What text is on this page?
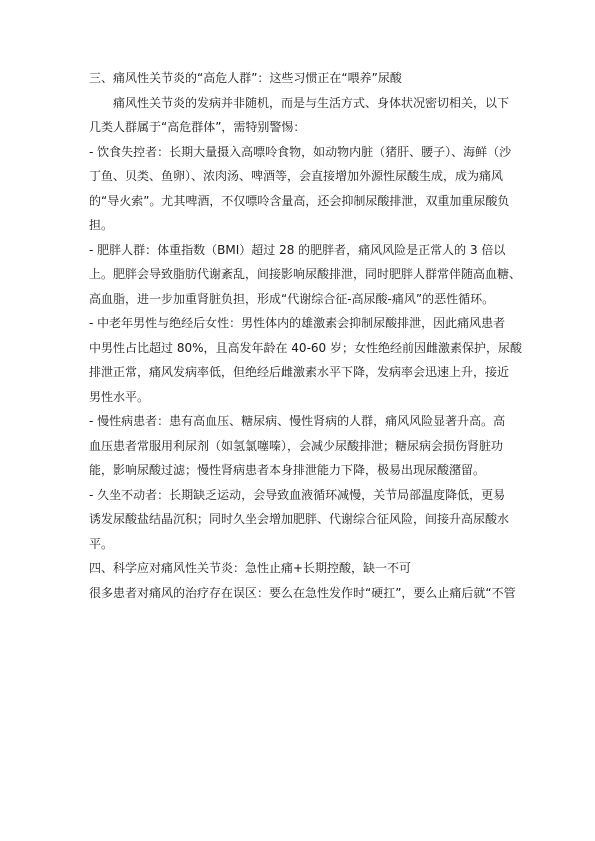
三、痛风性关节炎的“高危人群”：这些习惯正在“喂养”尿酸
痛风性关节炎的发病并非随机，而是与生活方式、身体状况密切相关，以下
几类人群属于“高危群体”，需特别警惕：
- 饮食失控者：长期大量摄入高嘌呤食物，如动物内脏（猪肝、腰子）、海鲜（沙
丁鱼、贝类、鱼卵）、浓肉汤、啤酒等，会直接增加外源性尿酸生成，成为痛风
的“导火索”。尤其啤酒，不仅嘌呤含量高，还会抑制尿酸排泄，双重加重尿酸负
担。
- 肥胖人群：体重指数（BMI）超过 28 的肥胖者，痛风风险是正常人的 3 倍以
上。肥胖会导致脂肪代谢紊乱，间接影响尿酸排泄，同时肥胖人群常伴随高血糖、
高血脂，进一步加重肾脏负担，形成“代谢综合征-高尿酸-痛风”的恶性循环。
- 中老年男性与绝经后女性：男性体内的雄激素会抑制尿酸排泄，因此痛风患者
中男性占比超过 80%，且高发年龄在 40-60 岁；女性绝经前因雌激素保护，尿酸
排泄正常，痛风发病率低，但绝经后雌激素水平下降，发病率会迅速上升，接近
男性水平。
- 慢性病患者：患有高血压、糖尿病、慢性肾病的人群，痛风风险显著升高。高
血压患者常服用利尿剂（如氢氯噻嗪），会减少尿酸排泄；糖尿病会损伤肾脏功
能，影响尿酸过滤；慢性肾病患者本身排泄能力下降，极易出现尿酸潴留。
- 久坐不动者：长期缺乏运动，会导致血液循环减慢，关节局部温度降低，更易
诱发尿酸盐结晶沉积；同时久坐会增加肥胖、代谢综合征风险，间接升高尿酸水
平。
四、科学应对痛风性关节炎：急性止痛+长期控酸，缺一不可
很多患者对痛风的治疗存在误区：要么在急性发作时“硬扛”，要么止痛后就“不管
